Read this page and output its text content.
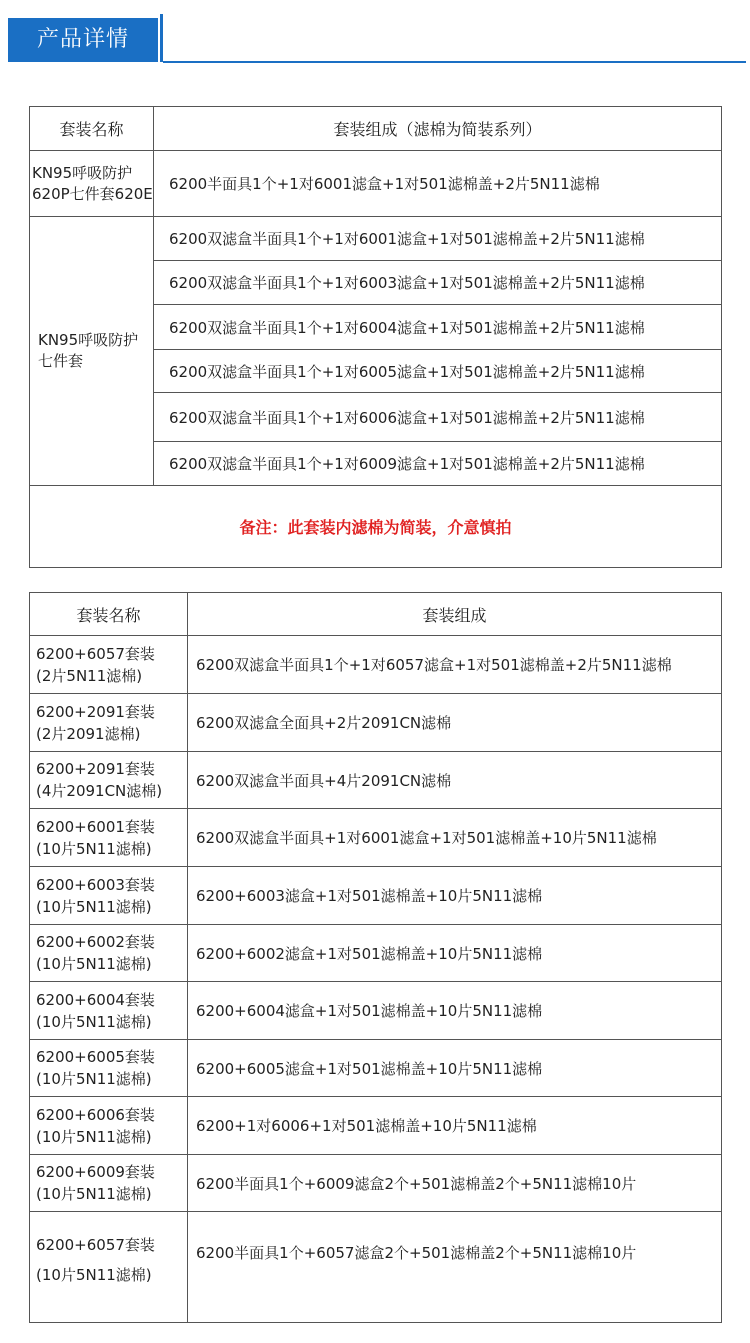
产品详情
套装名称	套装组成（滤棉为简装系列）

KN95呼吸防护
620P七件套620E	6200半面具1个+1对6001滤盒+1对501滤棉盖+2片5N11滤棉

KN95呼吸防护
七件套	6200双滤盒半面具1个+1对6001滤盒+1对501滤棉盖+2片5N11滤棉
	6200双滤盒半面具1个+1对6003滤盒+1对501滤棉盖+2片5N11滤棉
	6200双滤盒半面具1个+1对6004滤盒+1对501滤棉盖+2片5N11滤棉
	6200双滤盒半面具1个+1对6005滤盒+1对501滤棉盖+2片5N11滤棉
	6200双滤盒半面具1个+1对6006滤盒+1对501滤棉盖+2片5N11滤棉
	6200双滤盒半面具1个+1对6009滤盒+1对501滤棉盖+2片5N11滤棉
备注：此套装内滤棉为简装，介意慎拍	
套装名称	套装组成

6200+6057套装
(2片5N11滤棉)	6200双滤盒半面具1个+1对6057滤盒+1对501滤棉盖+2片5N11滤棉

6200+2091套装
(2片2091滤棉)	6200双滤盒全面具+2片2091CN滤棉

6200+2091套装
(4片2091CN滤棉)	6200双滤盒半面具+4片2091CN滤棉

6200+6001套装
(10片5N11滤棉)	6200双滤盒半面具+1对6001滤盒+1对501滤棉盖+10片5N11滤棉

6200+6003套装
(10片5N11滤棉)	6200+6003滤盒+1对501滤棉盖+10片5N11滤棉

6200+6002套装
(10片5N11滤棉)	6200+6002滤盒+1对501滤棉盖+10片5N11滤棉

6200+6004套装
(10片5N11滤棉)	6200+6004滤盒+1对501滤棉盖+10片5N11滤棉

6200+6005套装
(10片5N11滤棉)	6200+6005滤盒+1对501滤棉盖+10片5N11滤棉

6200+6006套装
(10片5N11滤棉)	6200+1对6006+1对501滤棉盖+10片5N11滤棉

6200+6009套装
(10片5N11滤棉)	6200半面具1个+6009滤盒2个+501滤棉盖2个+5N11滤棉10片

6200+6057套装
(10片5N11滤棉)	6200半面具1个+6057滤盒2个+501滤棉盖2个+5N11滤棉10片
